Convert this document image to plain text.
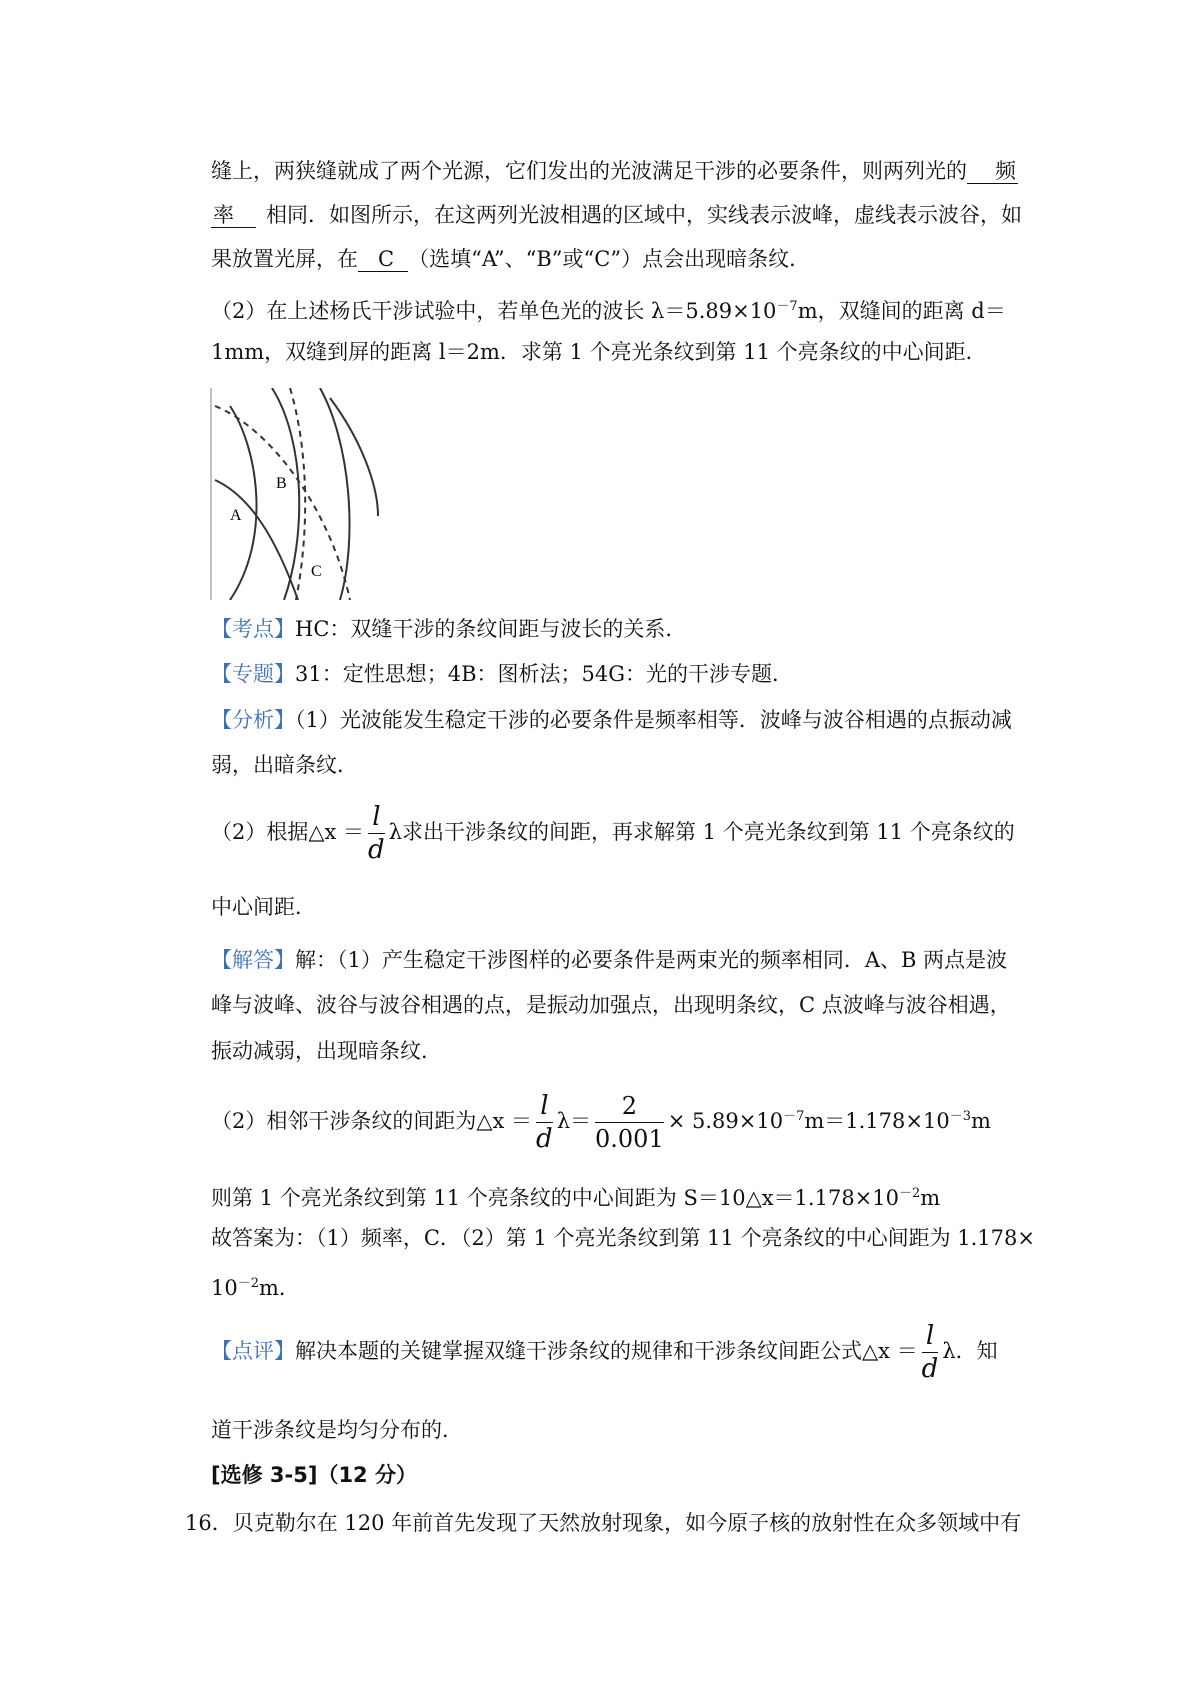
缝上，两狭缝就成了两个光源，它们发出的光波满足干涉的必要条件，则两列光的 频
率 相同．如图所示，在这两列光波相遇的区域中，实线表示波峰，虚线表示波谷，如
果放置光屏，在 C （选填“A”、“B”或“C”）点会出现暗条纹．
（2）在上述杨氏干涉试验中，若单色光的波长 $\lambda=5.89\times 10^{-7}m$，双缝间的距离 d＝
1mm，双缝到屏的距离 l＝2m．求第 1 个亮光条纹到第 11 个亮条纹的中心间距．
A
B
C
【考点】HC：双缝干涉的条纹间距与波长的关系．
【专题】31：定性思想；4B：图析法；54G：光的干涉专题．
【分析】（1）光波能发生稳定干涉的必要条件是频率相等．波峰与波谷相遇的点振动减
弱，出暗条纹．
（2）根据△x ＝ $\frac{l}{d}$ λ求出干涉条纹的间距，再求解第 1 个亮光条纹到第 11 个亮条纹的
中心间距．
【解答】解：（1）产生稳定干涉图样的必要条件是两束光的频率相同．A、B 两点是波
峰与波峰、波谷与波谷相遇的点，是振动加强点，出现明条纹，C 点波峰与波谷相遇，
振动减弱，出现暗条纹．
（2）相邻干涉条纹的间距为△x ＝ $\frac{l}{d} \lambda= \frac{2}{0.001} \times 5.89\times 10^{-7}m=1.178\times 10^{-3}m$
则第 1 个亮光条纹到第 11 个亮条纹的中心间距为 $S=10\triangle x=1.178\times 10^{-2}m$
故答案为：（1）频率，C．（2）第 1 个亮光条纹到第 11 个亮条纹的中心间距为 1.178×
$10^{-2}m$．
【点评】解决本题的关键掌握双缝干涉条纹的规律和干涉条纹间距公式△x ＝ $\frac{l}{d}$ λ．知
道干涉条纹是均匀分布的．
[选修 3-5]（12 分）
16．贝克勒尔在 120 年前首先发现了天然放射现象，如今原子核的放射性在众多领域中有
